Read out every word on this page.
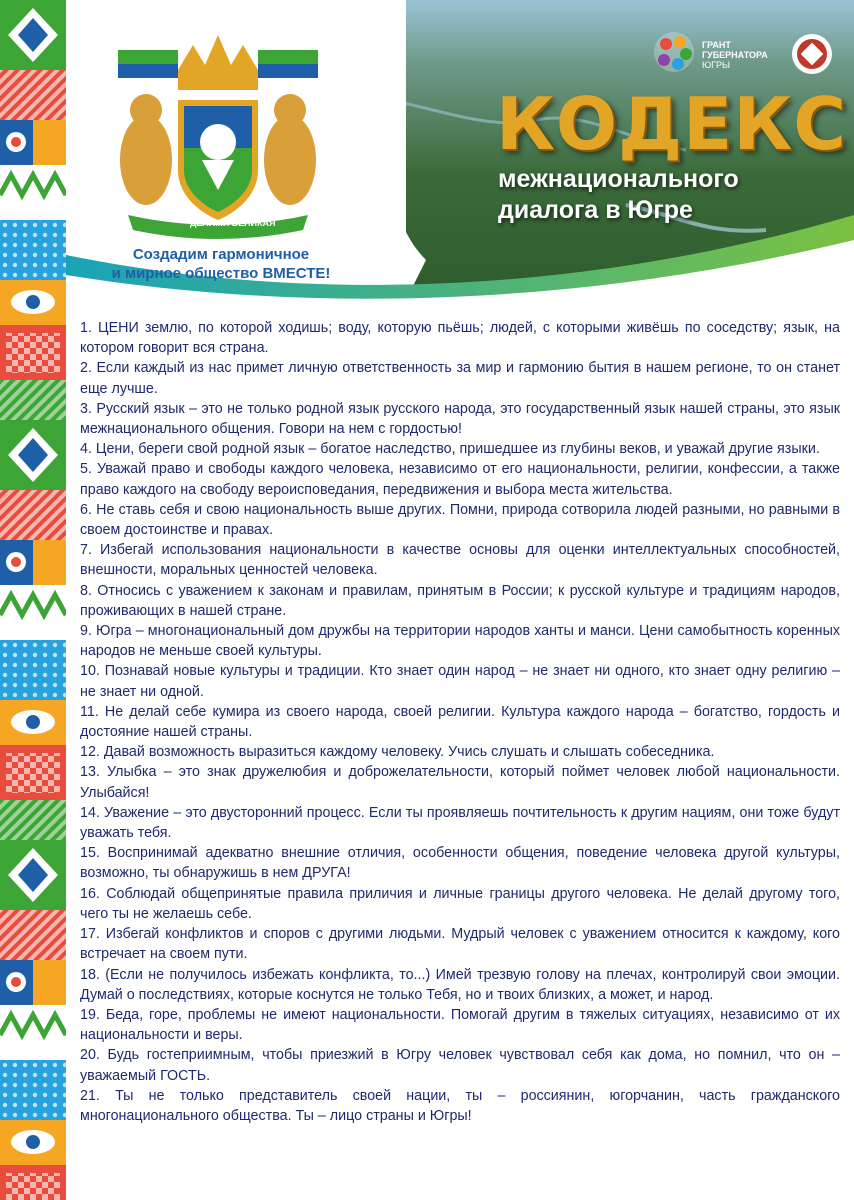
ДЕЛАМИ ВЕЛИКАЯ
Создадим гармоничное
и мирное общество ВМЕСТЕ!
ГРАНТ
ГУБЕРНАТОРА
ЮГРЫ
КОДЕКС
межнационального
диалога в Югре

1. ЦЕНИ землю, по которой ходишь; воду, которую пьёшь; людей, с которыми живёшь по соседству; язык, на котором говорит вся страна.

2. Если каждый из нас примет личную ответственность за мир и гармонию бытия в нашем регионе, то он станет еще лучше.

3. Русский язык – это не только родной язык русского народа, это государственный язык нашей страны, это язык межнационального общения. Говори на нем с гордостью!

4. Цени, береги свой родной язык – богатое наследство, пришедшее из глубины веков, и уважай другие языки.

5. Уважай право и свободы каждого человека, независимо от его национальности, религии, конфессии, а также право каждого на свободу вероисповедания, передвижения и выбора места жительства.

6. Не ставь себя и свою национальность выше других. Помни, природа сотворила людей разными, но равными в своем достоинстве и правах.

7. Избегай использования национальности в качестве основы для оценки интеллектуальных способностей, внешности, моральных ценностей человека.

8. Относись с уважением к законам и правилам, принятым в России; к русской культуре и традициям народов, проживающих в нашей стране.

9. Югра – многонациональный дом дружбы на территории народов ханты и манси. Цени самобытность коренных народов не меньше своей культуры.

10. Познавай новые культуры и традиции. Кто знает один народ – не знает ни одного, кто знает одну религию – не знает ни одной.

11. Не делай себе кумира из своего народа, своей религии. Культура каждого народа – богатство, гордость и достояние нашей страны.

12. Давай возможность выразиться каждому человеку. Учись слушать и слышать собеседника.

13. Улыбка – это знак дружелюбия и доброжелательности, который поймет человек любой национальности. Улыбайся!

14. Уважение – это двусторонний процесс. Если ты проявляешь почтительность к другим нациям, они тоже будут уважать тебя.

15. Воспринимай адекватно внешние отличия, особенности общения, поведение человека другой культуры, возможно, ты обнаружишь в нем ДРУГА!

16. Соблюдай общепринятые правила приличия и личные границы другого человека. Не делай другому того, чего ты не желаешь себе.

17. Избегай конфликтов и споров с другими людьми. Мудрый человек с уважением относится к каждому, кого встречает на своем пути.

18. (Если не получилось избежать конфликта, то...) Имей трезвую голову на плечах, контролируй свои эмоции. Думай о последствиях, которые коснутся не только Тебя, но и твоих близких, а может, и народ.

19. Беда, горе, проблемы не имеют национальности. Помогай другим в тяжелых ситуациях, независимо от их национальности и веры.

20. Будь гостеприимным, чтобы приезжий в Югру человек чувствовал себя как дома, но помнил, что он – уважаемый ГОСТЬ.

21. Ты не только представитель своей нации, ты – россиянин, югорчанин, часть гражданского многонационального общества. Ты – лицо страны и Югры!
